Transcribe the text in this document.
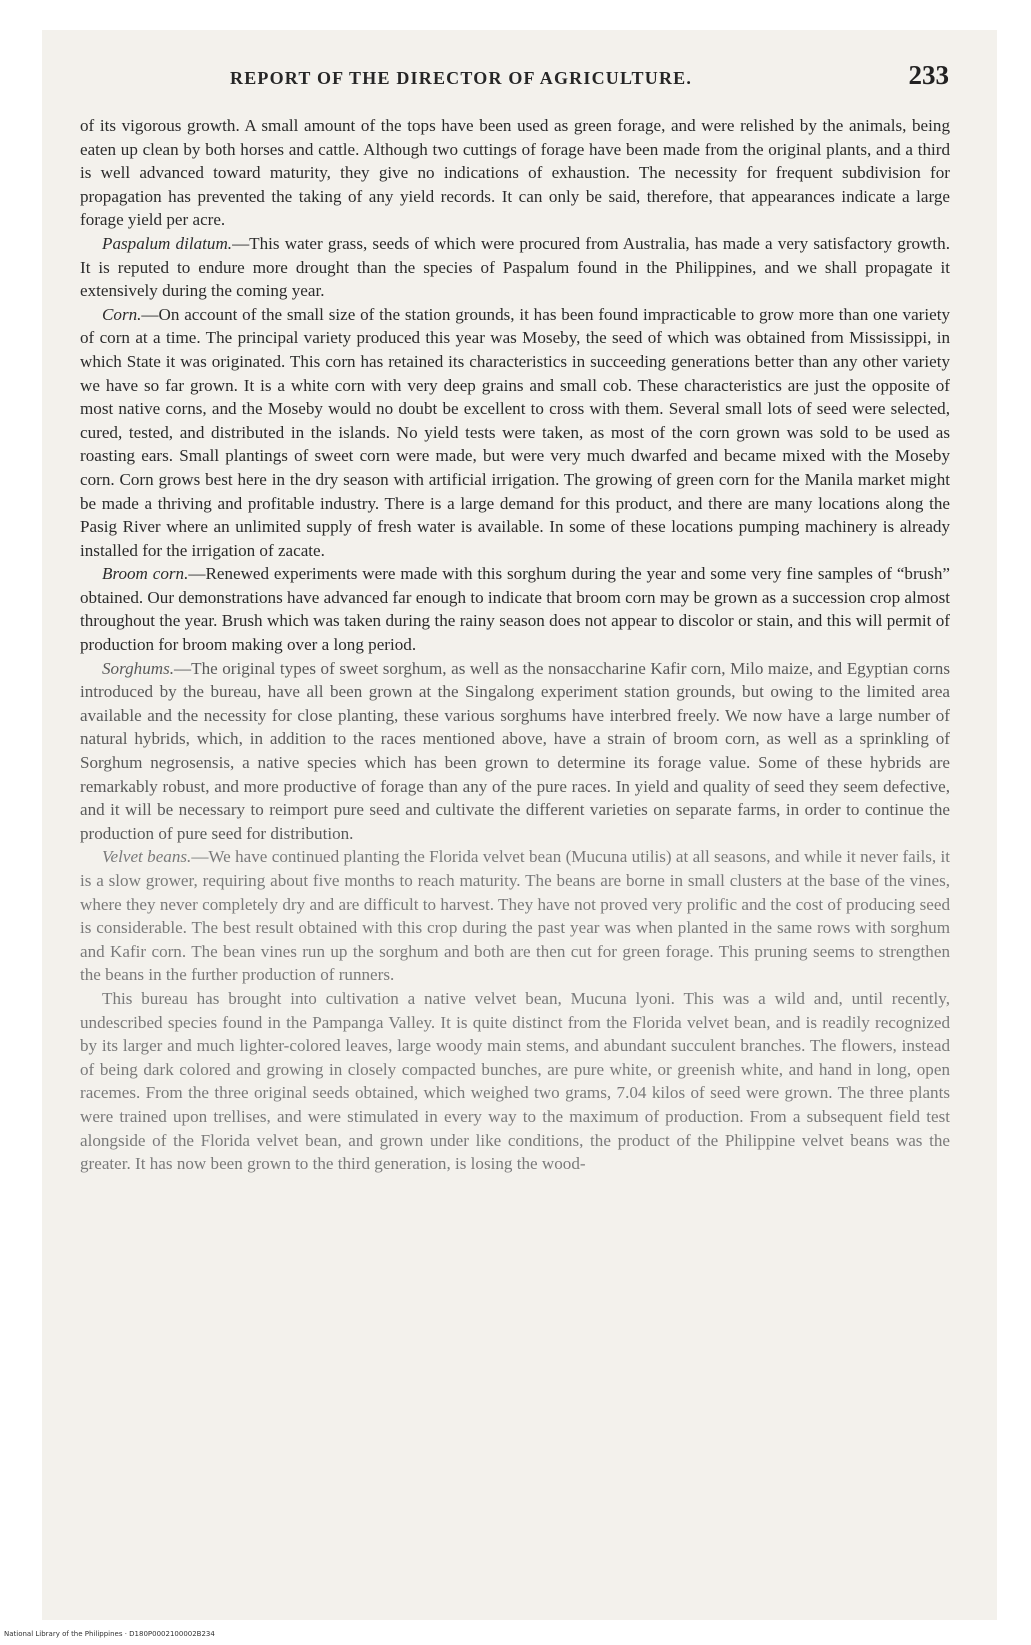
REPORT OF THE DIRECTOR OF AGRICULTURE.	233

of its vigorous growth. A small amount of the tops have been used as green forage, and were relished by the animals, being eaten up clean by both horses and cattle. Although two cuttings of forage have been made from the original plants, and a third is well advanced toward maturity, they give no indications of exhaustion. The necessity for frequent subdivision for propagation has prevented the taking of any yield records. It can only be said, therefore, that appearances indicate a large forage yield per acre.

Paspalum dilatum.—This water grass, seeds of which were procured from Australia, has made a very satisfactory growth. It is reputed to endure more drought than the species of Paspalum found in the Philippines, and we shall propagate it extensively during the coming year.

Corn.—On account of the small size of the station grounds, it has been found impracticable to grow more than one variety of corn at a time. The principal variety produced this year was Moseby, the seed of which was obtained from Mississippi, in which State it was originated. This corn has retained its characteristics in succeeding generations better than any other variety we have so far grown. It is a white corn with very deep grains and small cob. These characteristics are just the opposite of most native corns, and the Moseby would no doubt be excellent to cross with them. Several small lots of seed were selected, cured, tested, and distributed in the islands. No yield tests were taken, as most of the corn grown was sold to be used as roasting ears. Small plantings of sweet corn were made, but were very much dwarfed and became mixed with the Moseby corn. Corn grows best here in the dry season with artificial irrigation. The growing of green corn for the Manila market might be made a thriving and profitable industry. There is a large demand for this product, and there are many locations along the Pasig River where an unlimited supply of fresh water is available. In some of these locations pumping machinery is already installed for the irrigation of zacate.

Broom corn.—Renewed experiments were made with this sorghum during the year and some very fine samples of “brush” obtained. Our demonstrations have advanced far enough to indicate that broom corn may be grown as a succession crop almost throughout the year. Brush which was taken during the rainy season does not appear to discolor or stain, and this will permit of production for broom making over a long period.

Sorghums.—The original types of sweet sorghum, as well as the nonsaccharine Kafir corn, Milo maize, and Egyptian corns introduced by the bureau, have all been grown at the Singalong experiment station grounds, but owing to the limited area available and the necessity for close planting, these various sorghums have interbred freely. We now have a large number of natural hybrids, which, in addition to the races mentioned above, have a strain of broom corn, as well as a sprinkling of Sorghum negrosensis, a native species which has been grown to determine its forage value. Some of these hybrids are remarkably robust, and more productive of forage than any of the pure races. In yield and quality of seed they seem defective, and it will be necessary to reimport pure seed and cultivate the different varieties on separate farms, in order to continue the production of pure seed for distribution.

Velvet beans.—We have continued planting the Florida velvet bean (Mucuna utilis) at all seasons, and while it never fails, it is a slow grower, requiring about five months to reach maturity. The beans are borne in small clusters at the base of the vines, where they never completely dry and are difficult to harvest. They have not proved very prolific and the cost of producing seed is considerable. The best result obtained with this crop during the past year was when planted in the same rows with sorghum and Kafir corn. The bean vines run up the sorghum and both are then cut for green forage. This pruning seems to strengthen the beans in the further production of runners.

This bureau has brought into cultivation a native velvet bean, Mucuna lyoni. This was a wild and, until recently, undescribed species found in the Pampanga Valley. It is quite distinct from the Florida velvet bean, and is readily recognized by its larger and much lighter-colored leaves, large woody main stems, and abundant succulent branches. The flowers, instead of being dark colored and growing in closely compacted bunches, are pure white, or greenish white, and hand in long, open racemes. From the three original seeds obtained, which weighed two grams, 7.04 kilos of seed were grown. The three plants were trained upon trellises, and were stimulated in every way to the maximum of production. From a subsequent field test alongside of the Florida velvet bean, and grown under like conditions, the product of the Philippine velvet beans was the greater. It has now been grown to the third generation, is losing the wood-

National Library of the Philippines · D180P0002100002B234
